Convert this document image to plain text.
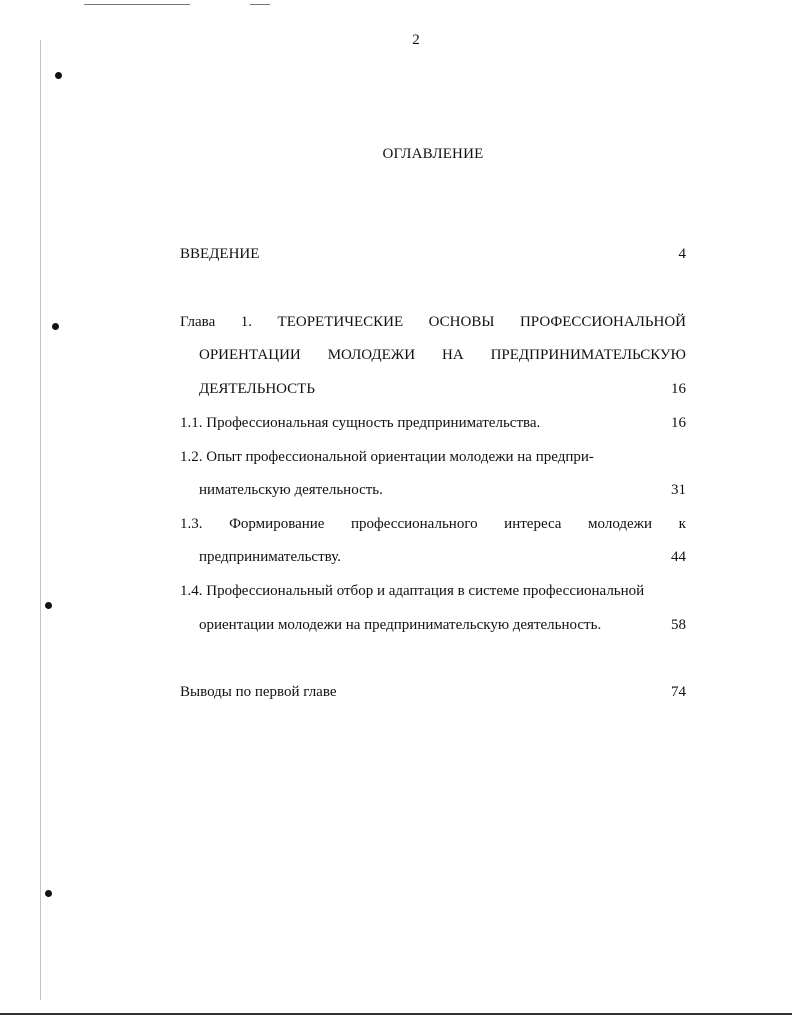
2
ОГЛАВЛЕНИЕ
ВВЕДЕНИЕ	4
Глава 1. ТЕОРЕТИЧЕСКИЕ ОСНОВЫ ПРОФЕССИОНАЛЬНОЙ
ОРИЕНТАЦИИ МОЛОДЕЖИ НА ПРЕДПРИНИМАТЕЛЬСКУЮ
ДЕЯТЕЛЬНОСТЬ	16
1.1. Профессиональная сущность предпринимательства.	16
1.2. Опыт профессиональной ориентации молодежи на предпри-
нимательскую деятельность.	31
1.3. Формирование профессионального интереса молодежи к
предпринимательству.	44
1.4. Профессиональный отбор и адаптация в системе профессиональной
ориентации молодежи на предпринимательскую деятельность.	58
Выводы по первой главе	74
